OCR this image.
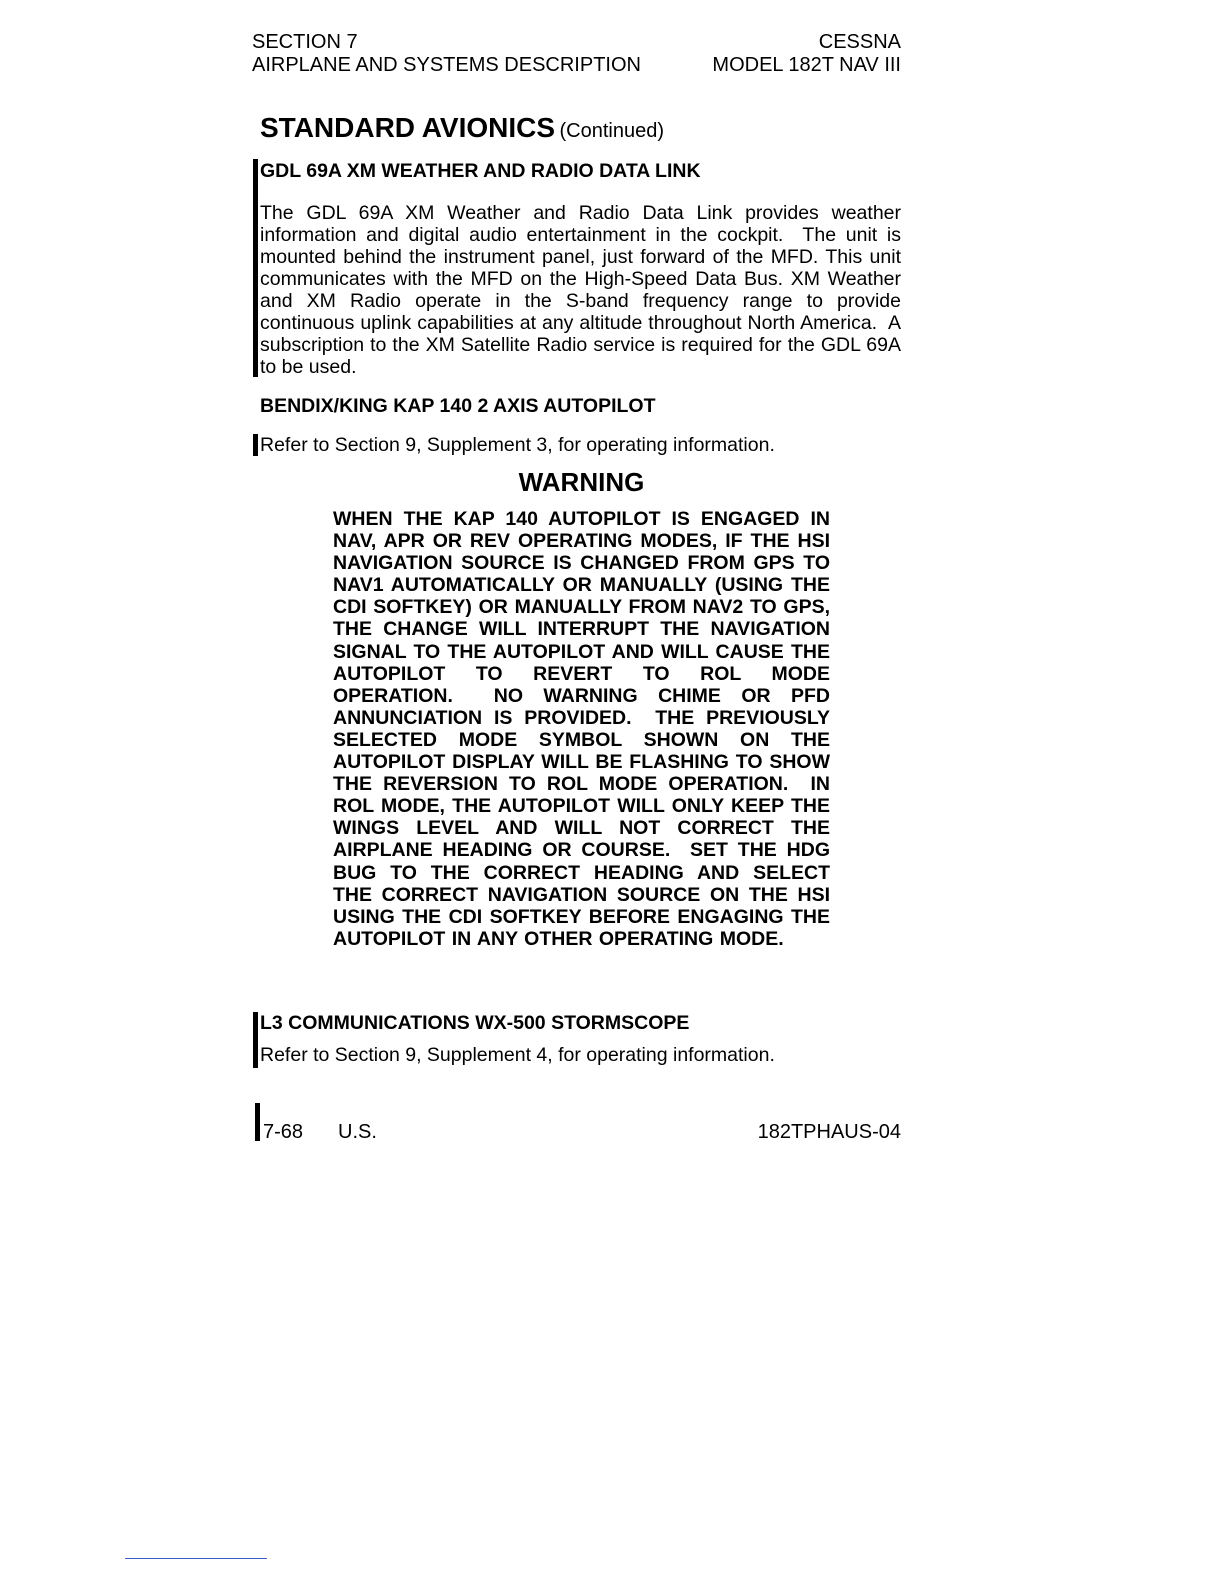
SECTION 7
AIRPLANE AND SYSTEMS DESCRIPTION
CESSNA
MODEL 182T NAV III
STANDARD AVIONICS (Continued)
GDL 69A XM WEATHER AND RADIO DATA LINK
The GDL 69A XM Weather and Radio Data Link provides weather information and digital audio entertainment in the cockpit.  The unit is mounted behind the instrument panel, just forward of the MFD. This unit communicates with the MFD on the High-Speed Data Bus. XM Weather and XM Radio operate in the S-band frequency range to provide continuous uplink capabilities at any altitude throughout North America.  A subscription to the XM Satellite Radio service is required for the GDL 69A to be used.
BENDIX/KING KAP 140 2 AXIS AUTOPILOT
Refer to Section 9, Supplement 3, for operating information.
WARNING
WHEN THE KAP 140 AUTOPILOT IS ENGAGED IN NAV, APR OR REV OPERATING MODES, IF THE HSI NAVIGATION SOURCE IS CHANGED FROM GPS TO NAV1 AUTOMATICALLY OR MANUALLY (USING THE CDI SOFTKEY) OR MANUALLY FROM NAV2 TO GPS, THE CHANGE WILL INTERRUPT THE NAVIGATION SIGNAL TO THE AUTOPILOT AND WILL CAUSE THE AUTOPILOT TO REVERT TO ROL MODE OPERATION.  NO WARNING CHIME OR PFD ANNUNCIATION IS PROVIDED.  THE PREVIOUSLY SELECTED MODE SYMBOL SHOWN ON THE AUTOPILOT DISPLAY WILL BE FLASHING TO SHOW THE REVERSION TO ROL MODE OPERATION.  IN ROL MODE, THE AUTOPILOT WILL ONLY KEEP THE WINGS LEVEL AND WILL NOT CORRECT THE AIRPLANE HEADING OR COURSE.  SET THE HDG BUG TO THE CORRECT HEADING AND SELECT THE CORRECT NAVIGATION SOURCE ON THE HSI USING THE CDI SOFTKEY BEFORE ENGAGING THE AUTOPILOT IN ANY OTHER OPERATING MODE.
L3 COMMUNICATIONS WX-500 STORMSCOPE
Refer to Section 9, Supplement 4, for operating information.
7-68 U.S.	182TPHAUS-04
